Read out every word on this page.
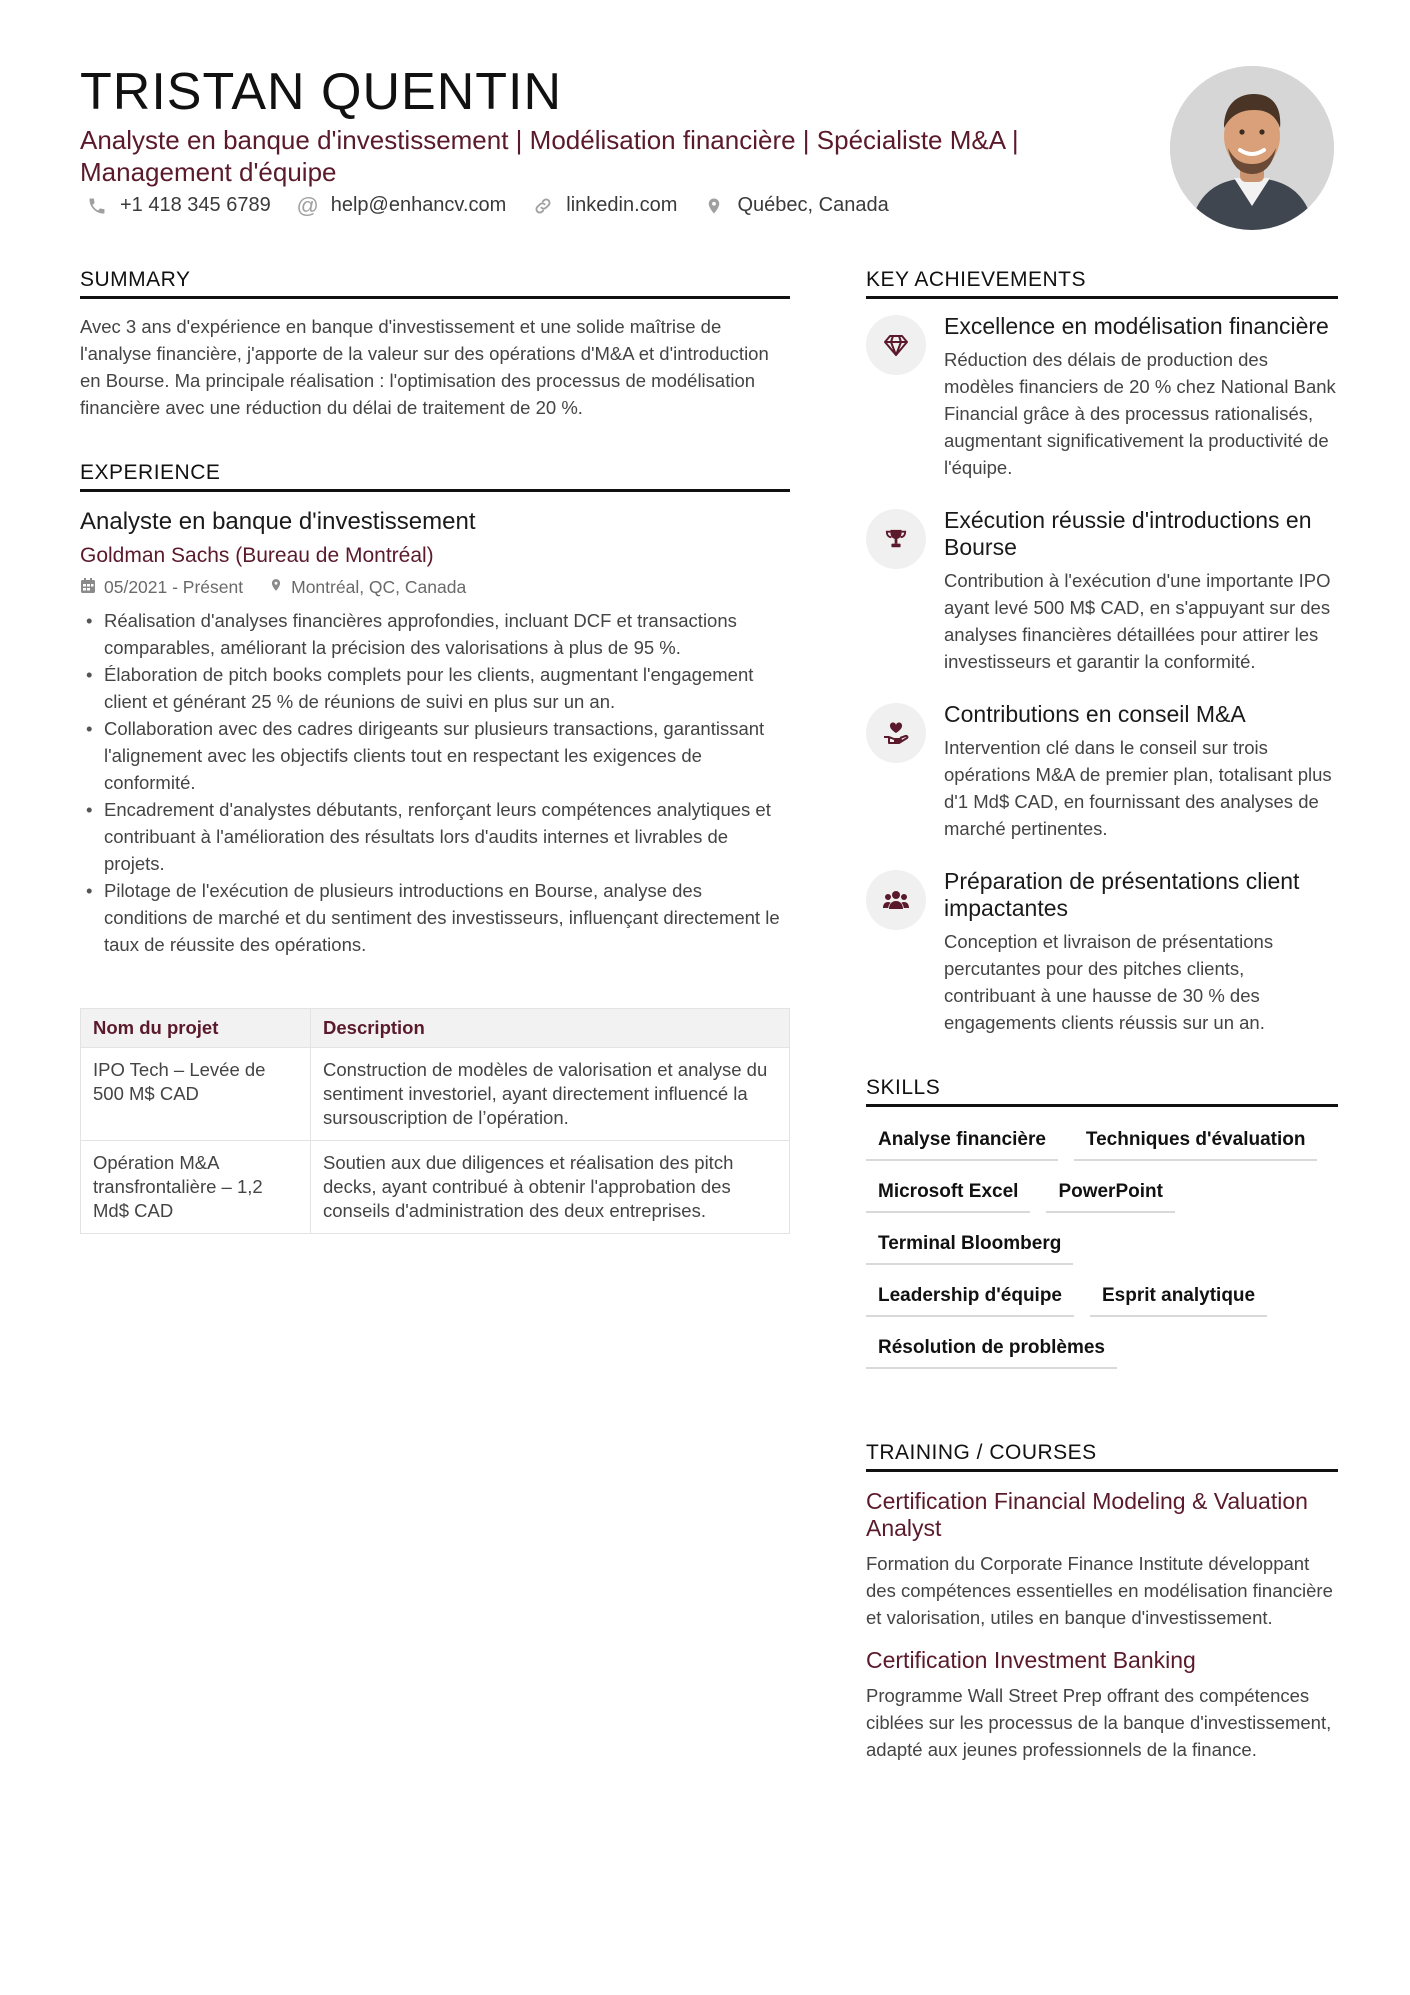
TRISTAN QUENTIN
Analyste en banque d'investissement | Modélisation financière | Spécialiste M&A | Management d'équipe
+1 418 345 6789 @ help@enhancv.com	linkedin.com	Québec, Canada
SUMMARY
Avec 3 ans d'expérience en banque d'investissement et une solide maîtrise de l'analyse financière, j'apporte de la valeur sur des opérations d'M&A et d'introduction en Bourse. Ma principale réalisation : l'optimisation des processus de modélisation financière avec une réduction du délai de traitement de 20 %.
EXPERIENCE
Analyste en banque d'investissement
Goldman Sachs (Bureau de Montréal)
05/2021 - Présent	Montréal, QC, Canada
• Réalisation d'analyses financières approfondies, incluant DCF et transactions comparables, améliorant la précision des valorisations à plus de 95 %.
• Élaboration de pitch books complets pour les clients, augmentant l'engagement client et générant 25 % de réunions de suivi en plus sur un an.
• Collaboration avec des cadres dirigeants sur plusieurs transactions, garantissant l'alignement avec les objectifs clients tout en respectant les exigences de conformité.
• Encadrement d'analystes débutants, renforçant leurs compétences analytiques et contribuant à l'amélioration des résultats lors d'audits internes et livrables de projets.
• Pilotage de l'exécution de plusieurs introductions en Bourse, analyse des conditions de marché et du sentiment des investisseurs, influençant directement le taux de réussite des opérations.
Nom du projet	Description
IPO Tech – Levée de 500 M$ CAD	Construction de modèles de valorisation et analyse du sentiment investoriel, ayant directement influencé la sursouscription de l’opération.
Opération M&A transfrontalière – 1,2 Md$ CAD	Soutien aux due diligences et réalisation des pitch decks, ayant contribué à obtenir l'approbation des conseils d'administration des deux entreprises.
KEY ACHIEVEMENTS
Excellence en modélisation financière
Réduction des délais de production des modèles financiers de 20 % chez National Bank Financial grâce à des processus rationalisés, augmentant significativement la productivité de l'équipe.
Exécution réussie d'introductions en Bourse
Contribution à l'exécution d'une importante IPO ayant levé 500 M$ CAD, en s'appuyant sur des analyses financières détaillées pour attirer les investisseurs et garantir la conformité.
Contributions en conseil M&A
Intervention clé dans le conseil sur trois opérations M&A de premier plan, totalisant plus d'1 Md$ CAD, en fournissant des analyses de marché pertinentes.
Préparation de présentations client impactantes
Conception et livraison de présentations percutantes pour des pitches clients, contribuant à une hausse de 30 % des engagements clients réussis sur un an.
SKILLS
Analyse financière	Techniques d'évaluation
Microsoft Excel	PowerPoint
Terminal Bloomberg
Leadership d'équipe	Esprit analytique
Résolution de problèmes
TRAINING / COURSES
Certification Financial Modeling & Valuation Analyst
Formation du Corporate Finance Institute développant des compétences essentielles en modélisation financière et valorisation, utiles en banque d'investissement.
Certification Investment Banking
Programme Wall Street Prep offrant des compétences ciblées sur les processus de la banque d'investissement, adapté aux jeunes professionnels de la finance.
